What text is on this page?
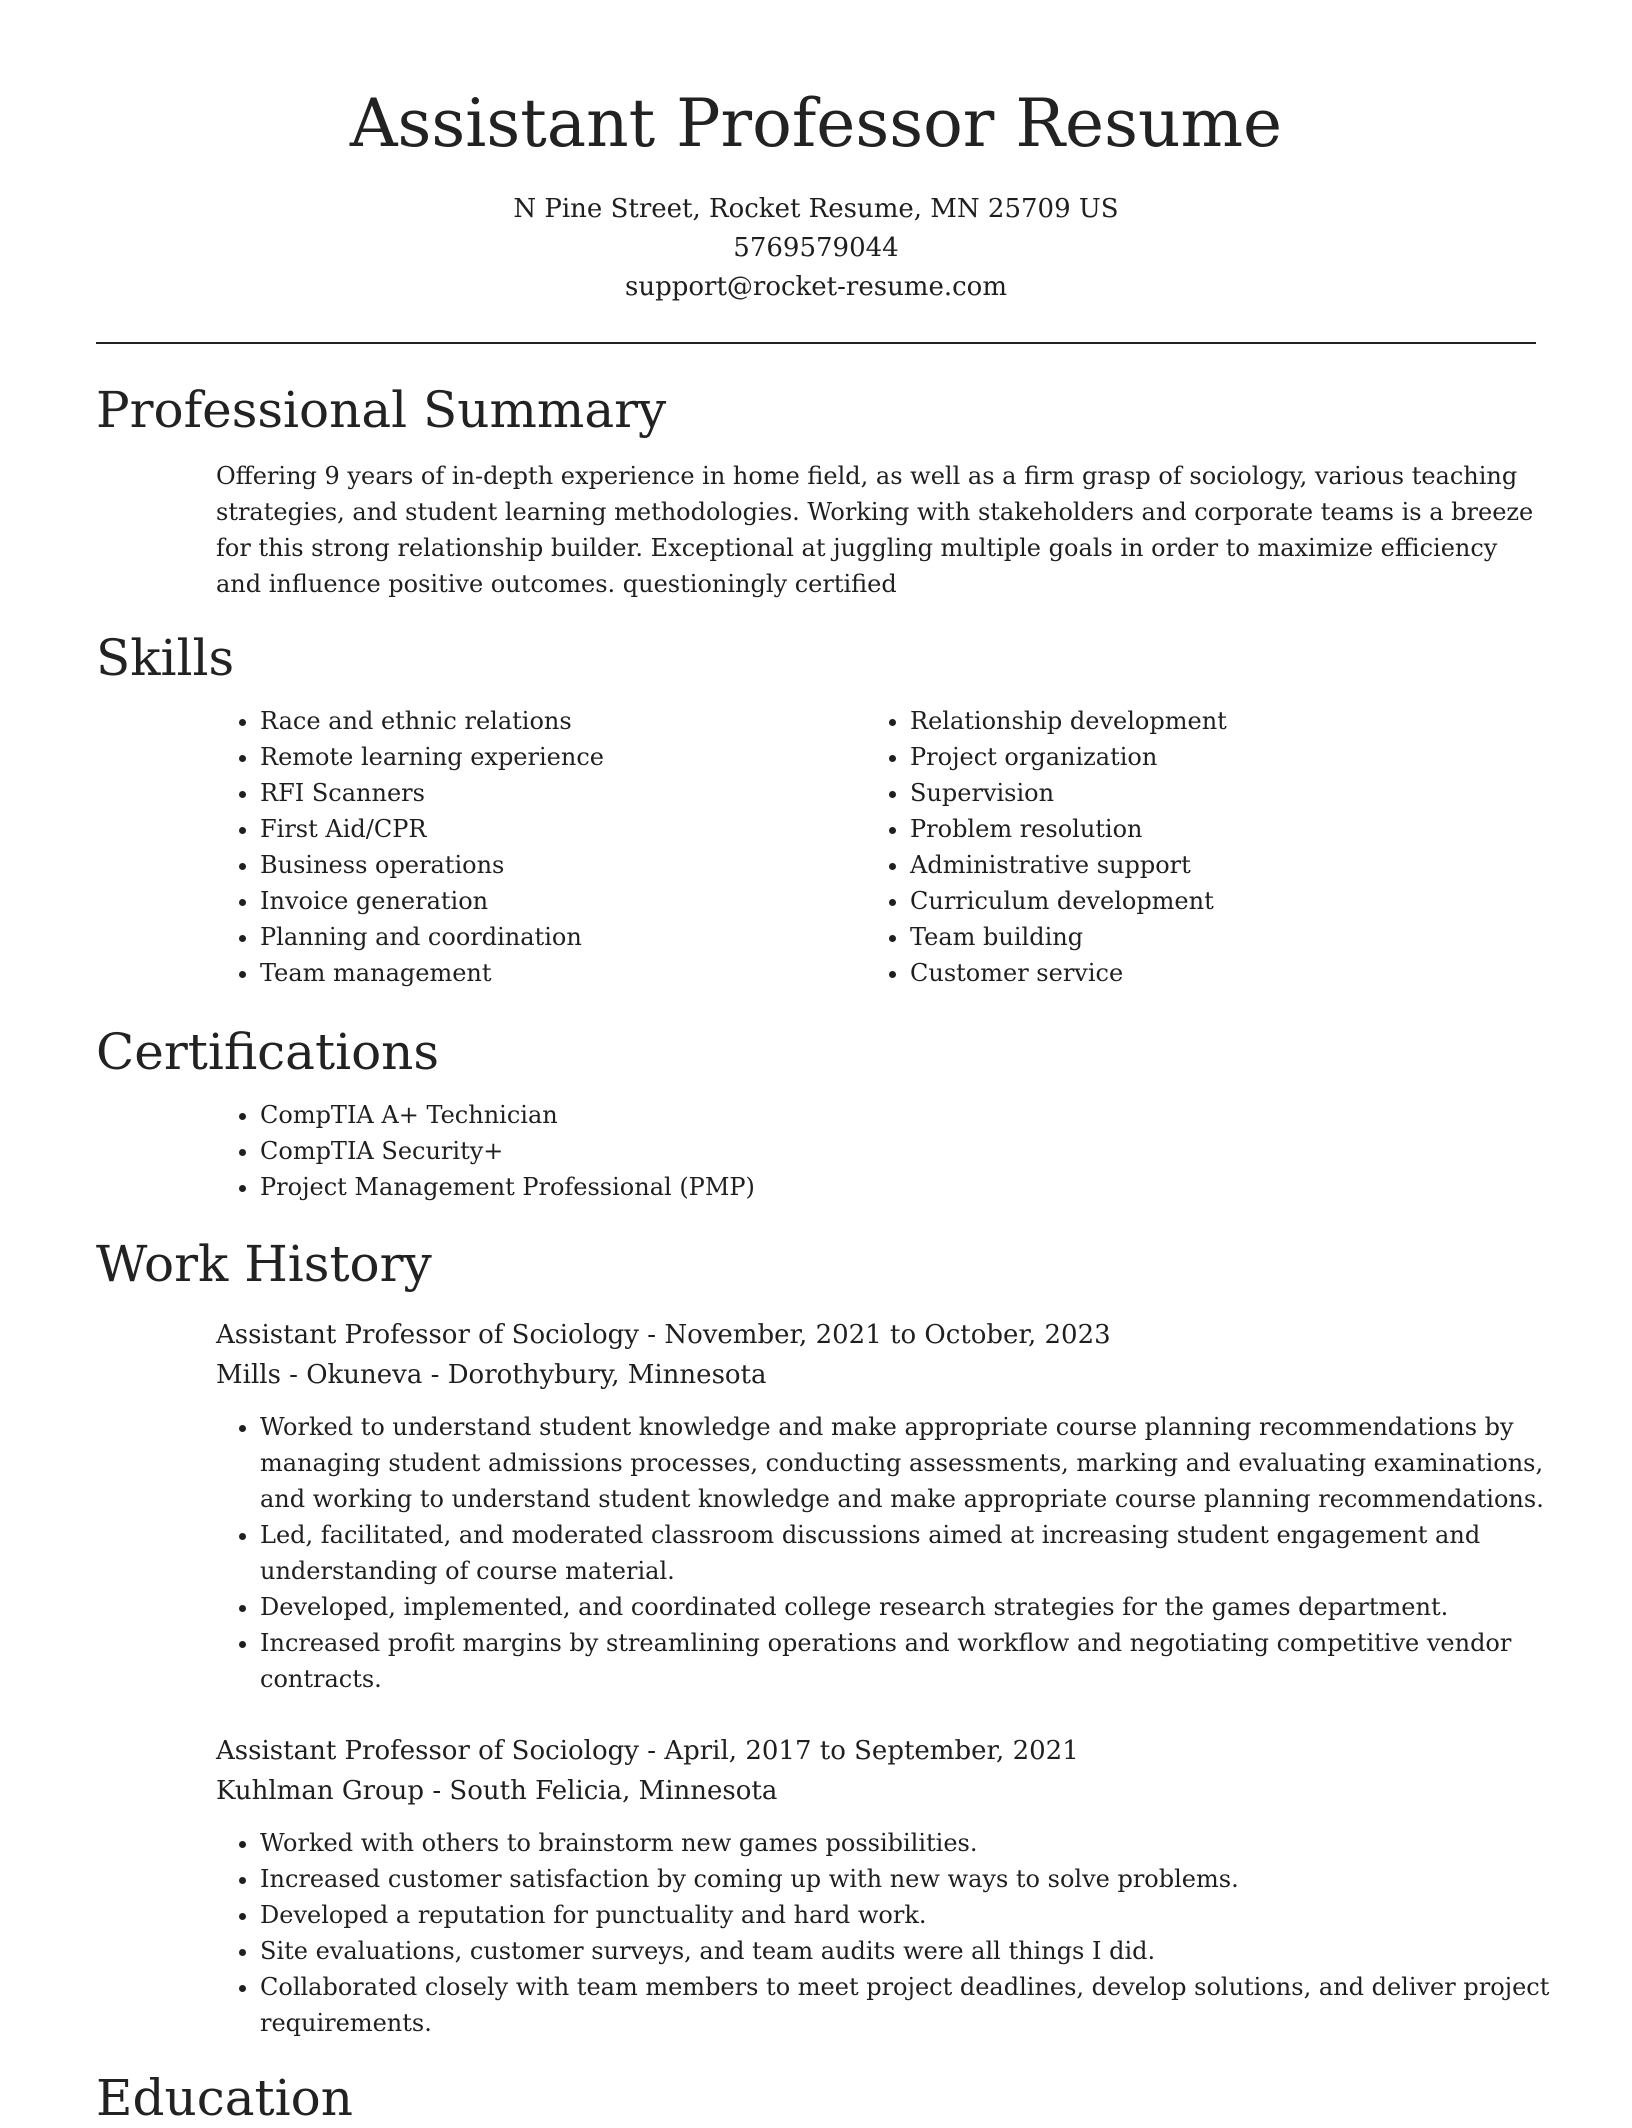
Assistant Professor Resume
N Pine Street, Rocket Resume, MN 25709 US
5769579044
support@rocket-resume.com
Professional Summary

Offering 9 years of in-depth experience in home field, as well as a firm grasp of sociology, various teaching strategies, and student learning methodologies. Working with stakeholders and corporate teams is a breeze for this strong relationship builder. Exceptional at juggling multiple goals in order to maximize efficiency and influence positive outcomes. questioningly certified

Skills
• Race and ethnic relations
• Remote learning experience
• RFI Scanners
• First Aid/CPR
• Business operations
• Invoice generation
• Planning and coordination
• Team management
• Relationship development
• Project organization
• Supervision
• Problem resolution
• Administrative support
• Curriculum development
• Team building
• Customer service
Certifications
• CompTIA A+ Technician
• CompTIA Security+
• Project Management Professional (PMP)
Work History
Assistant Professor of Sociology - November, 2021 to October, 2023
Mills - Okuneva - Dorothybury, Minnesota
• Worked to understand student knowledge and make appropriate course planning recommendations by managing student admissions processes, conducting assessments, marking and evaluating examinations, and working to understand student knowledge and make appropriate course planning recommendations.
• Led, facilitated, and moderated classroom discussions aimed at increasing student engagement and understanding of course material.
• Developed, implemented, and coordinated college research strategies for the games department.
• Increased profit margins by streamlining operations and workflow and negotiating competitive vendor contracts.
Assistant Professor of Sociology - April, 2017 to September, 2021
Kuhlman Group - South Felicia, Minnesota
• Worked with others to brainstorm new games possibilities.
• Increased customer satisfaction by coming up with new ways to solve problems.
• Developed a reputation for punctuality and hard work.
• Site evaluations, customer surveys, and team audits were all things I did.
• Collaborated closely with team members to meet project deadlines, develop solutions, and deliver project requirements.
Education
